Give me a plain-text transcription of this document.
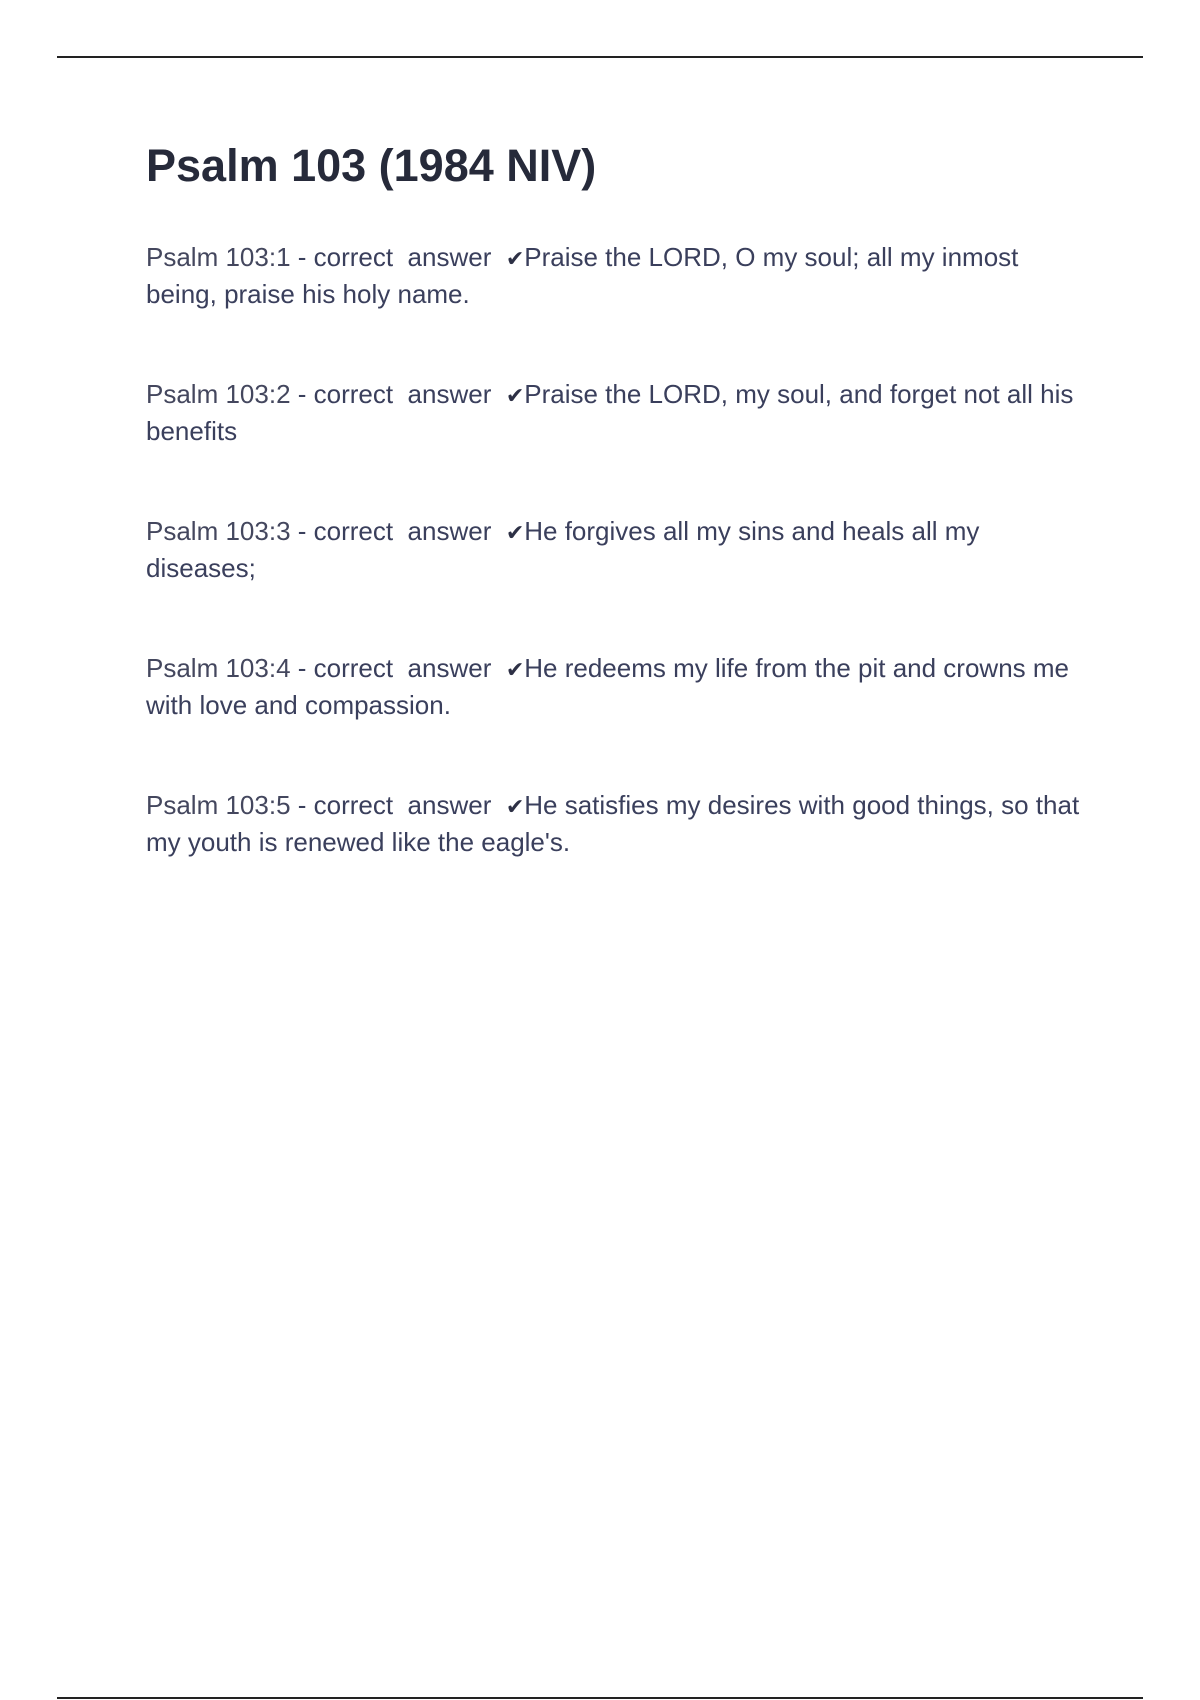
Psalm 103 (1984 NIV)

Psalm 103:1 - correct  answer  ✔Praise the LORD, O my soul; all my inmost being, praise his holy name.

Psalm 103:2 - correct  answer  ✔Praise the LORD, my soul, and forget not all his benefits

Psalm 103:3 - correct  answer  ✔He forgives all my sins and heals all my diseases;

Psalm 103:4 - correct  answer  ✔He redeems my life from the pit and crowns me with love and compassion.

Psalm 103:5 - correct  answer  ✔He satisfies my desires with good things, so that my youth is renewed like the eagle's.
